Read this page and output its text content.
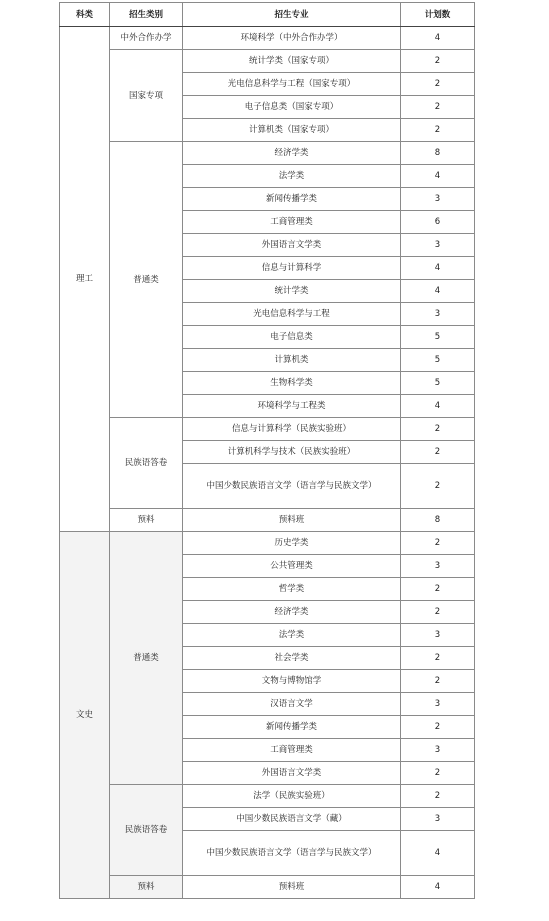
科类	招生类别	招生专业	计划数
理工	中外合作办学	环境科学（中外合作办学）	4
	国家专项	统计学类（国家专项）	2
		光电信息科学与工程（国家专项）	2
		电子信息类（国家专项）	2
		计算机类（国家专项）	2
	普通类	经济学类	8
		法学类	4
		新闻传播学类	3
		工商管理类	6
		外国语言文学类	3
		信息与计算科学	4
		统计学类	4
		光电信息科学与工程	3
		电子信息类	5
		计算机类	5
		生物科学类	5
		环境科学与工程类	4
	民族语答卷	信息与计算科学（民族实验班）	2
		计算机科学与技术（民族实验班）	2
		中国少数民族语言文学（语言学与民族文学）	2
	预料	预料班	8
文史	普通类	历史学类	2
		公共管理类	3
		哲学类	2
		经济学类	2
		法学类	3
		社会学类	2
		文物与博物馆学	2
		汉语言文学	3
		新闻传播学类	2
		工商管理类	3
		外国语言文学类	2
	民族语答卷	法学（民族实验班）	2
		中国少数民族语言文学（藏）	3
		中国少数民族语言文学（语言学与民族文学）	4
	预料	预料班	4
